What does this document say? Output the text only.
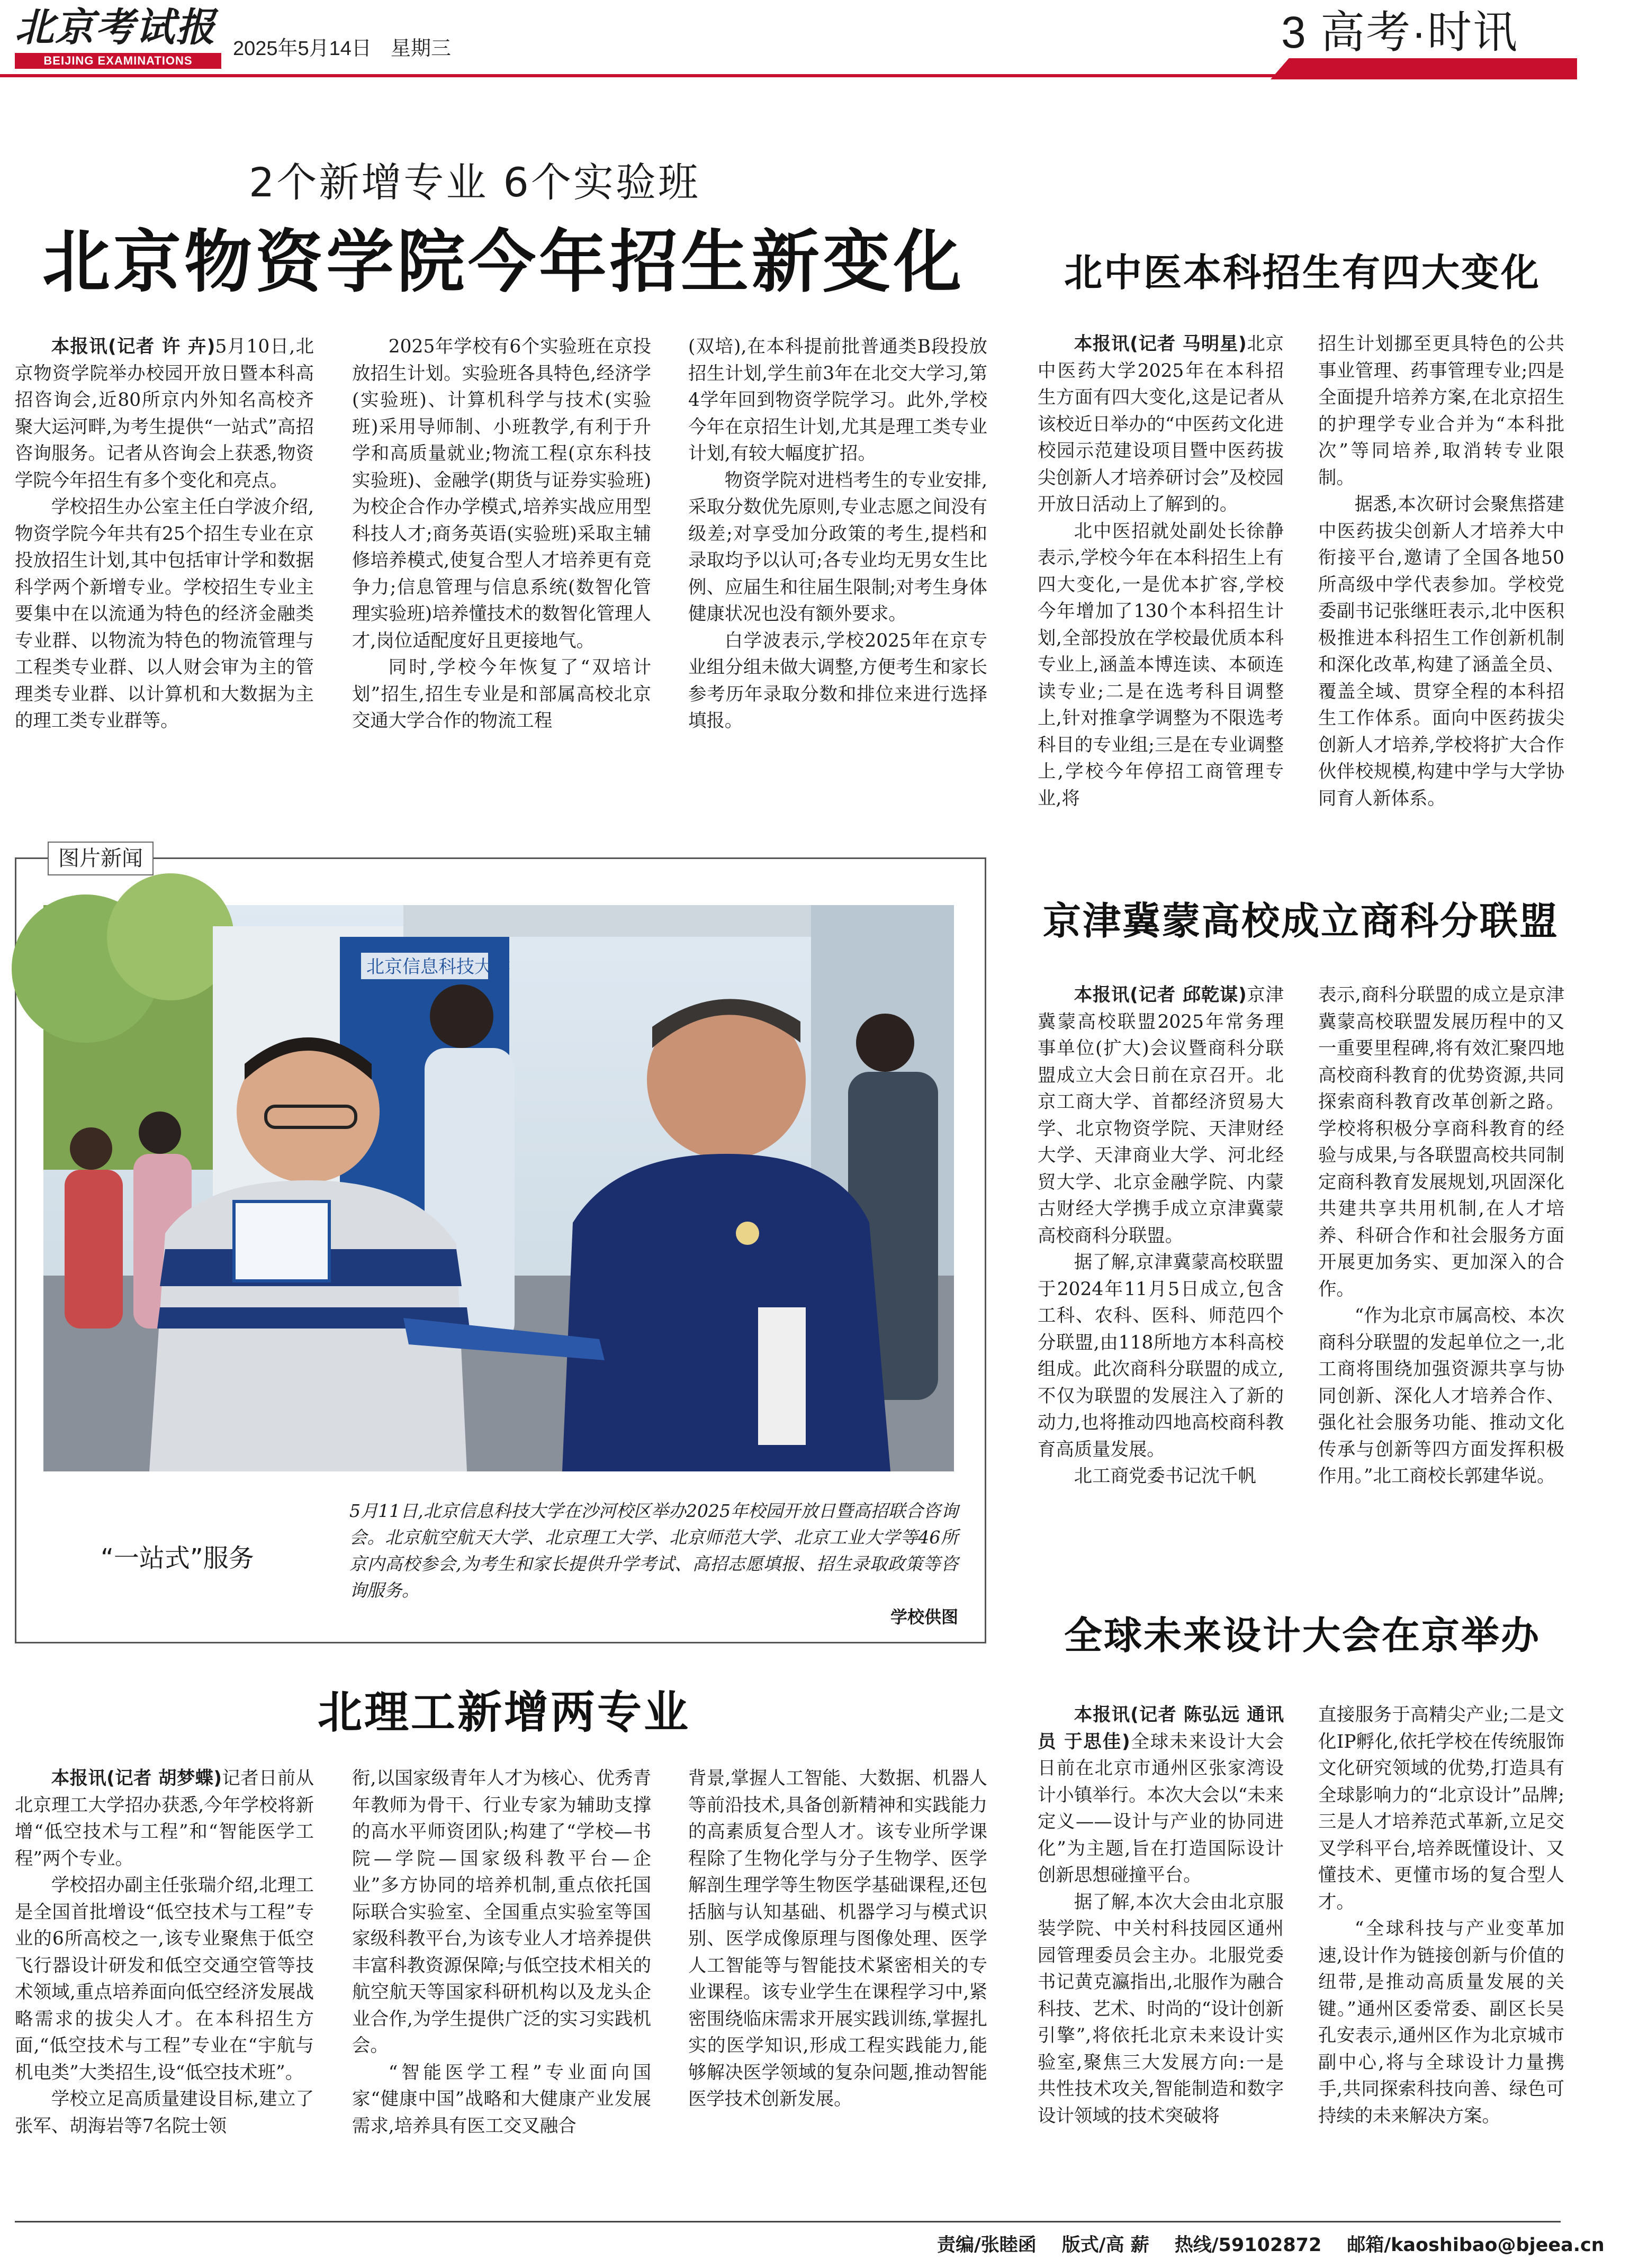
北京考试报
BEIJING EXAMINATIONS
2025年5月14日 星期三	3 高考·时讯
2个新增专业 6个实验班
北京物资学院今年招生新变化

本报讯(记者 许 卉)5月10日,北京物资学院举办校园开放日暨本科高招咨询会,近80所京内外知名高校齐聚大运河畔,为考生提供“一站式”高招咨询服务。记者从咨询会上获悉,物资学院今年招生有多个变化和亮点。

学校招生办公室主任白学波介绍,物资学院今年共有25个招生专业在京投放招生计划,其中包括审计学和数据科学两个新增专业。学校招生专业主要集中在以流通为特色的经济金融类专业群、以物流为特色的物流管理与工程类专业群、以人财会审为主的管理类专业群、以计算机和大数据为主的理工类专业群等。

2025年学校有6个实验班在京投放招生计划。实验班各具特色,经济学(实验班)、计算机科学与技术(实验班)采用导师制、小班教学,有利于升学和高质量就业;物流工程(京东科技实验班)、金融学(期货与证券实验班)为校企合作办学模式,培养实战应用型科技人才;商务英语(实验班)采取主辅修培养模式,使复合型人才培养更有竞争力;信息管理与信息系统(数智化管理实验班)培养懂技术的数智化管理人才,岗位适配度好且更接地气。

同时,学校今年恢复了“双培计划”招生,招生专业是和部属高校北京交通大学合作的物流工程

(双培),在本科提前批普通类B段投放招生计划,学生前3年在北交大学习,第4学年回到物资学院学习。此外,学校今年在京招生计划,尤其是理工类专业计划,有较大幅度扩招。

物资学院对进档考生的专业安排,采取分数优先原则,专业志愿之间没有级差;对享受加分政策的考生,提档和录取均予以认可;各专业均无男女生比例、应届生和往届生限制;对考生身体健康状况也没有额外要求。

白学波表示,学校2025年在京专业组分组未做大调整,方便考生和家长参考历年录取分数和排位来进行选择填报。

北中医本科招生有四大变化

本报讯(记者 马明星)北京中医药大学2025年在本科招生方面有四大变化,这是记者从该校近日举办的“中医药文化进校园示范建设项目暨中医药拔尖创新人才培养研讨会”及校园开放日活动上了解到的。

北中医招就处副处长徐静表示,学校今年在本科招生上有四大变化,一是优本扩容,学校今年增加了130个本科招生计划,全部投放在学校最优质本科专业上,涵盖本博连读、本硕连读专业;二是在选考科目调整上,针对推拿学调整为不限选考科目的专业组;三是在专业调整上,学校今年停招工商管理专业,将

招生计划挪至更具特色的公共事业管理、药事管理专业;四是全面提升培养方案,在北京招生的护理学专业合并为“本科批次”等同培养,取消转专业限制。

据悉,本次研讨会聚焦搭建中医药拔尖创新人才培养大中衔接平台,邀请了全国各地50所高级中学代表参加。学校党委副书记张继旺表示,北中医积极推进本科招生工作创新机制和深化改革,构建了涵盖全员、覆盖全域、贯穿全程的本科招生工作体系。面向中医药拔尖创新人才培养,学校将扩大合作伙伴校规模,构建中学与大学协同育人新体系。

京津冀蒙高校成立商科分联盟

本报讯(记者 邱乾谋)京津冀蒙高校联盟2025年常务理事单位(扩大)会议暨商科分联盟成立大会日前在京召开。北京工商大学、首都经济贸易大学、北京物资学院、天津财经大学、天津商业大学、河北经贸大学、北京金融学院、内蒙古财经大学携手成立京津冀蒙高校商科分联盟。

据了解,京津冀蒙高校联盟于2024年11月5日成立,包含工科、农科、医科、师范四个分联盟,由118所地方本科高校组成。此次商科分联盟的成立,不仅为联盟的发展注入了新的动力,也将推动四地高校商科教育高质量发展。

北工商党委书记沈千帆

表示,商科分联盟的成立是京津冀蒙高校联盟发展历程中的又一重要里程碑,将有效汇聚四地高校商科教育的优势资源,共同探索商科教育改革创新之路。学校将积极分享商科教育的经验与成果,与各联盟高校共同制定商科教育发展规划,巩固深化共建共享共用机制,在人才培养、科研合作和社会服务方面开展更加务实、更加深入的合作。

“作为北京市属高校、本次商科分联盟的发起单位之一,北工商将围绕加强资源共享与协同创新、深化人才培养合作、强化社会服务功能、推动文化传承与创新等四方面发挥积极作用。”北工商校长郭建华说。

图片新闻
北京信息科技大学
“一站式”服务
5月11日,北京信息科技大学在沙河校区举办2025年校园开放日暨高招联合咨询会。北京航空航天大学、北京理工大学、北京师范大学、北京工业大学等46所京内高校参会,为考生和家长提供升学考试、高招志愿填报、招生录取政策等咨询服务。
学校供图	全球未来设计大会在京举办

本报讯(记者 陈弘远 通讯员 于思佳)全球未来设计大会日前在北京市通州区张家湾设计小镇举行。本次大会以“未来定义——设计与产业的协同进化”为主题,旨在打造国际设计创新思想碰撞平台。

据了解,本次大会由北京服装学院、中关村科技园区通州园管理委员会主办。北服党委书记黄克瀛指出,北服作为融合科技、艺术、时尚的“设计创新引擎”,将依托北京未来设计实验室,聚焦三大发展方向:一是共性技术攻关,智能制造和数字设计领域的技术突破将

直接服务于高精尖产业;二是文化IP孵化,依托学校在传统服饰文化研究领域的优势,打造具有全球影响力的“北京设计”品牌;三是人才培养范式革新,立足交叉学科平台,培养既懂设计、又懂技术、更懂市场的复合型人才。

“全球科技与产业变革加速,设计作为链接创新与价值的纽带,是推动高质量发展的关键。”通州区委常委、副区长吴孔安表示,通州区作为北京城市副中心,将与全球设计力量携手,共同探索科技向善、绿色可持续的未来解决方案。

北理工新增两专业

本报讯(记者 胡梦蝶)记者日前从北京理工大学招办获悉,今年学校将新增“低空技术与工程”和“智能医学工程”两个专业。

学校招办副主任张瑞介绍,北理工是全国首批增设“低空技术与工程”专业的6所高校之一,该专业聚焦于低空飞行器设计研发和低空交通空管等技术领域,重点培养面向低空经济发展战略需求的拔尖人才。在本科招生方面,“低空技术与工程”专业在“宇航与机电类”大类招生,设“低空技术班”。

学校立足高质量建设目标,建立了张军、胡海岩等7名院士领

衔,以国家级青年人才为核心、优秀青年教师为骨干、行业专家为辅助支撑的高水平师资团队;构建了“学校—书院—学院—国家级科教平台—企业”多方协同的培养机制,重点依托国际联合实验室、全国重点实验室等国家级科教平台,为该专业人才培养提供丰富科教资源保障;与低空技术相关的航空航天等国家科研机构以及龙头企业合作,为学生提供广泛的实习实践机会。

“智能医学工程”专业面向国家“健康中国”战略和大健康产业发展需求,培养具有医工交叉融合

背景,掌握人工智能、大数据、机器人等前沿技术,具备创新精神和实践能力的高素质复合型人才。该专业所学课程除了生物化学与分子生物学、医学解剖生理学等生物医学基础课程,还包括脑与认知基础、机器学习与模式识别、医学成像原理与图像处理、医学人工智能等与智能技术紧密相关的专业课程。该专业学生在课程学习中,紧密围绕临床需求开展实践训练,掌握扎实的医学知识,形成工程实践能力,能够解决医学领域的复杂问题,推动智能医学技术创新发展。

责编/张睦函 版式/高 薪 热线/59102872 邮箱/kaoshibao@bjeea.cn
